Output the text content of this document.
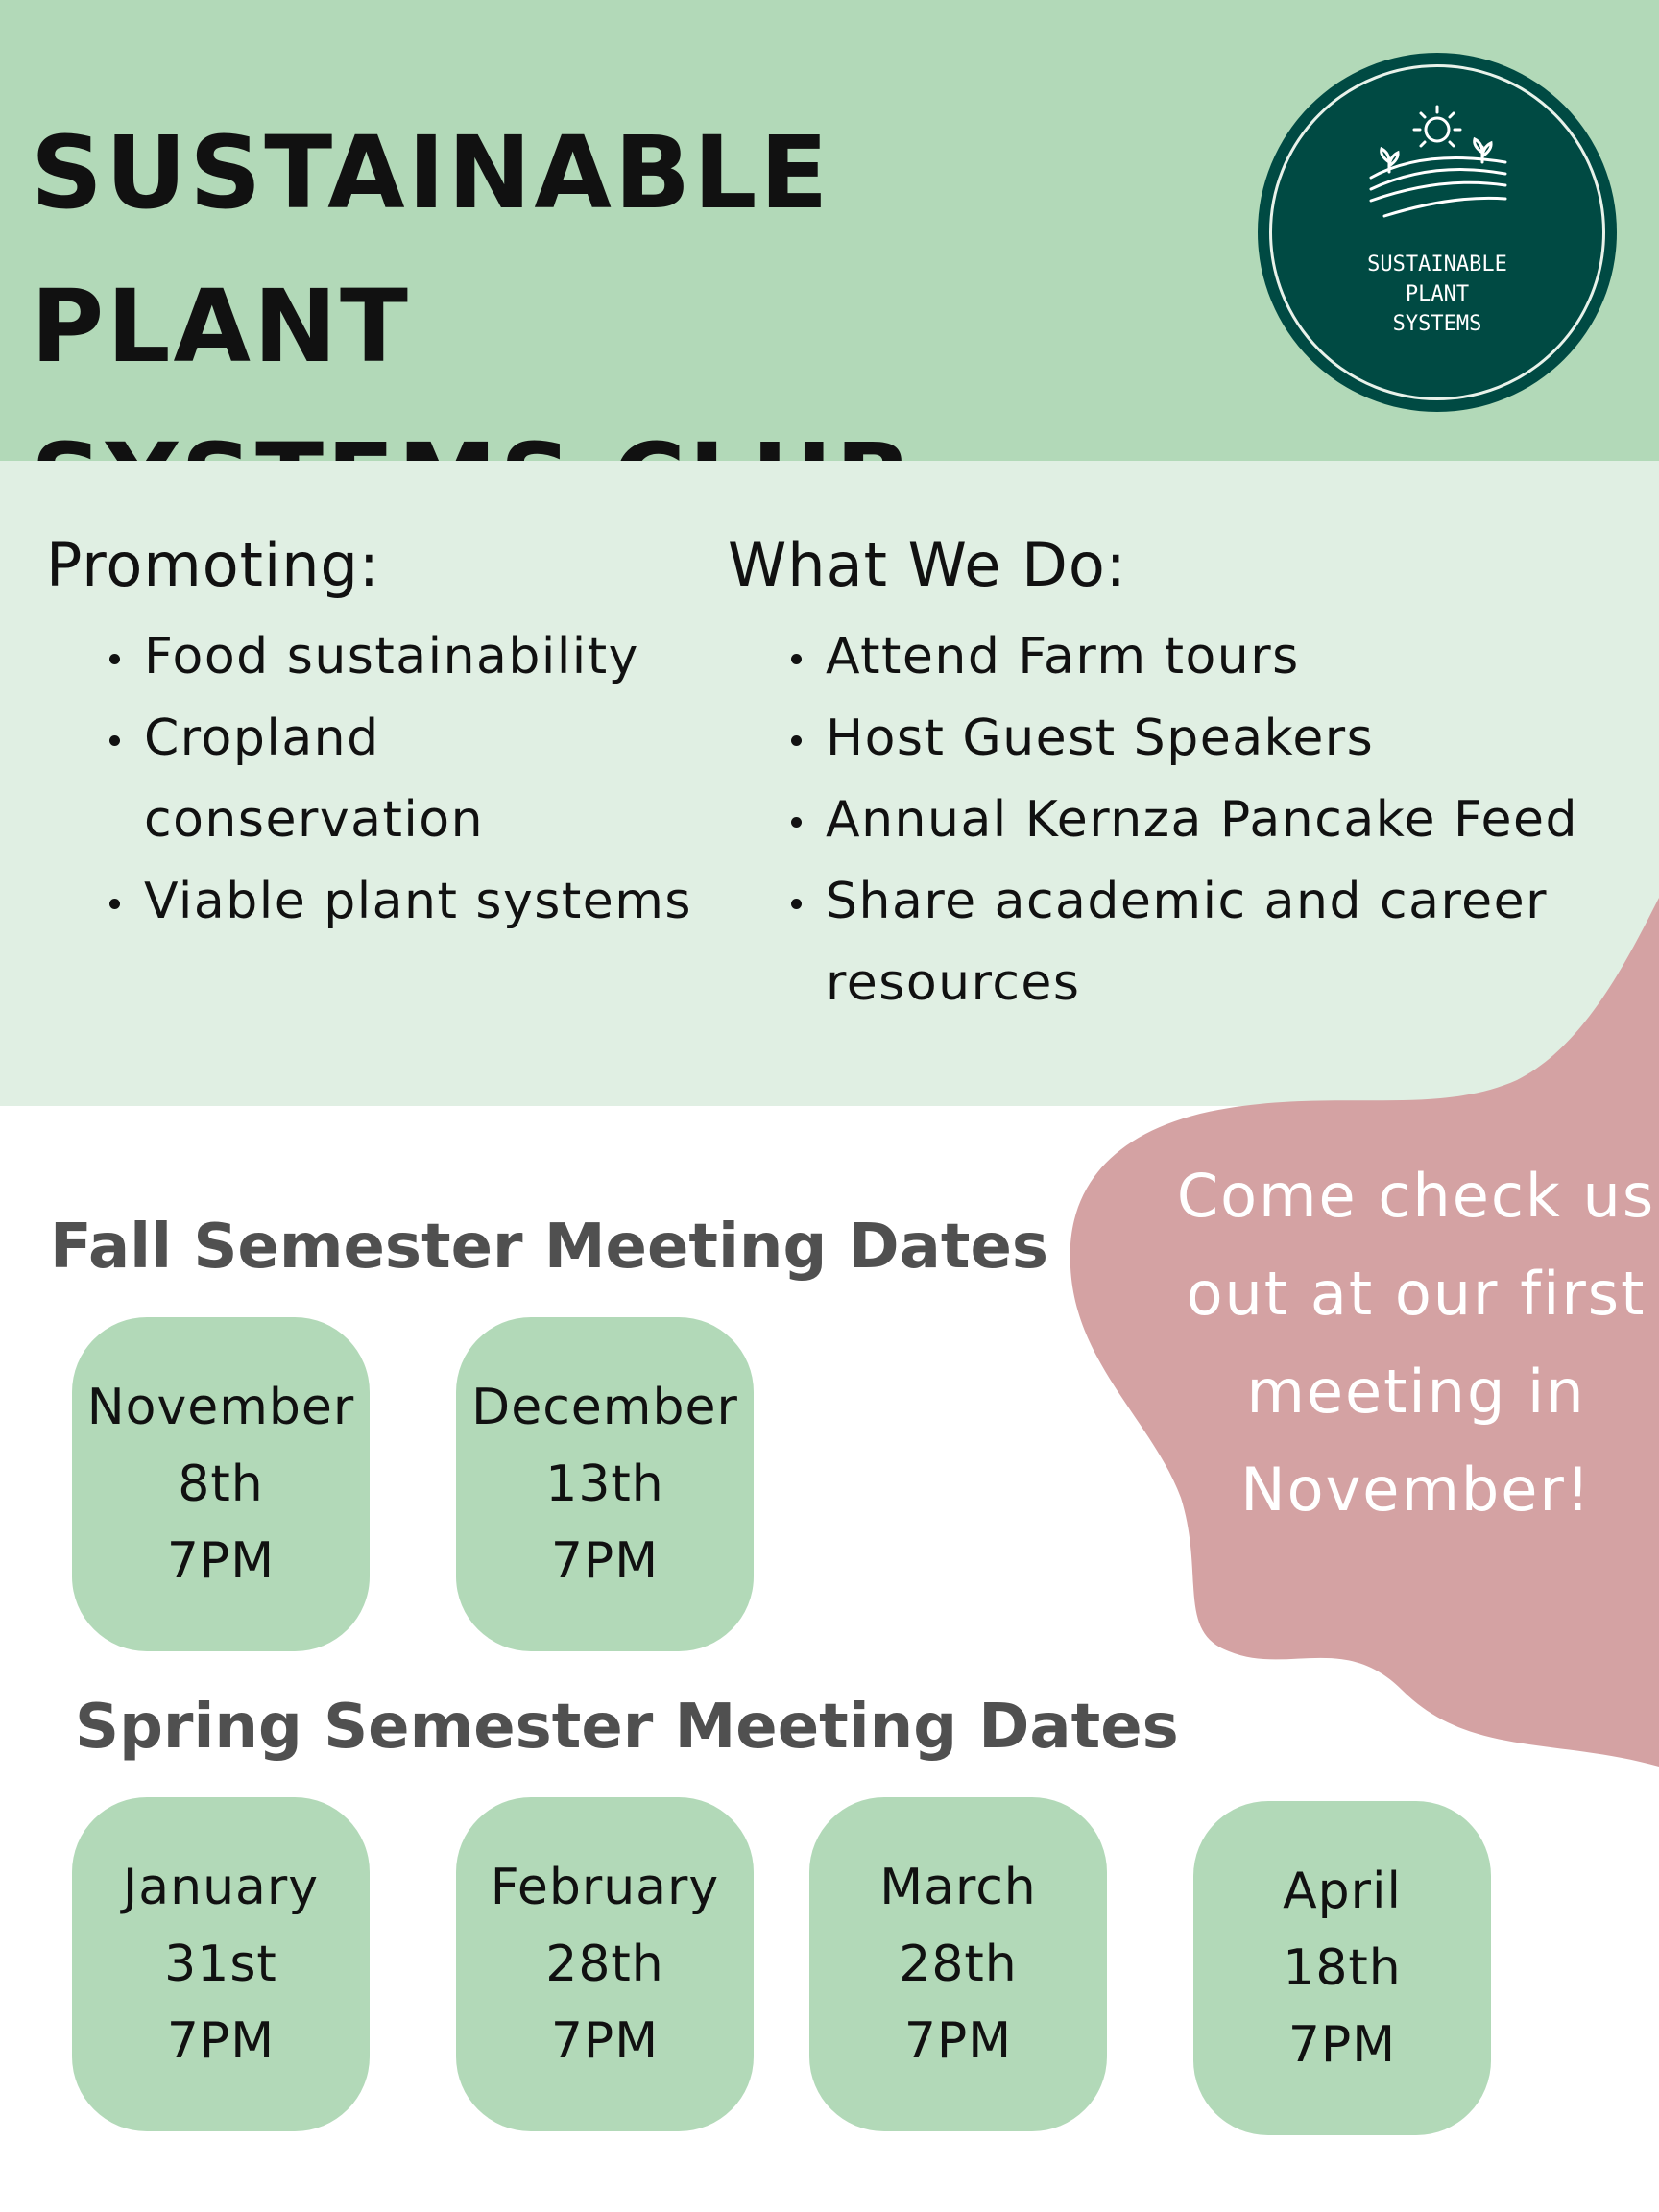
SUSTAINABLE PLANT
SUSTAINABLE
PLANT
SYSTEMS
Promoting:
Food sustainability
Cropland conservation
Viable plant systems
What We Do:
Attend Farm tours
Host Guest Speakers
Annual Kernza Pancake Feed
Share academic and career resources
Come check us
out at our first
meeting in
November!
Fall Semester Meeting Dates
November
8th
7PM
December
13th
7PM
Spring Semester Meeting Dates
January
31st
7PM
February
28th
7PM
March
28th
7PM
April
18th
7PM
